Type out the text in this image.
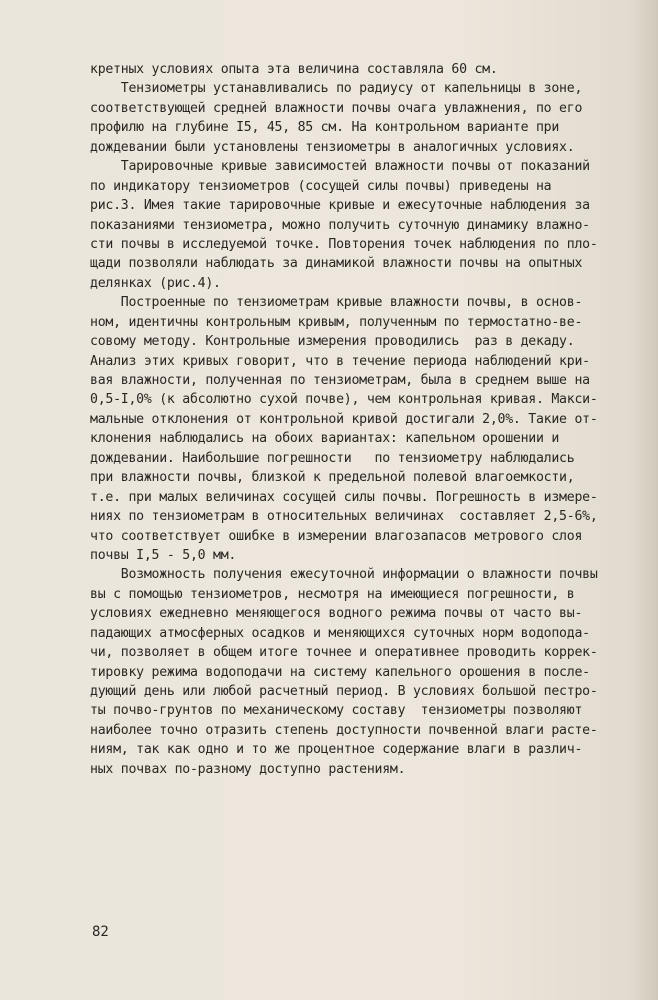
кретных условиях опыта эта величина составляла 60 см.
Тензиометры устанавливались по радиусу от капельницы в зоне,
соответствующей средней влажности почвы очага увлажнения, по его
профилю на глубине I5, 45, 85 см. На контрольном варианте при
дождевании были установлены тензиометры в аналогичных условиях.
Тарировочные кривые зависимостей влажности почвы от показаний
по индикатору тензиометров (сосущей силы почвы) приведены на
рис.3. Имея такие тарировочные кривые и ежесуточные наблюдения за
показаниями тензиометра, можно получить суточную динамику влажно-
сти почвы в исследуемой точке. Повторения точек наблюдения по пло-
щади позволяли наблюдать за динамикой влажности почвы на опытных
делянках (рис.4).
Построенные по тензиометрам кривые влажности почвы, в основ-
ном, идентичны контрольным кривым, полученным по термостатно-ве-
совому методу. Контрольные измерения проводились  раз в декаду.
Анализ этих кривых говорит, что в течение периода наблюдений кри-
вая влажности, полученная по тензиометрам, была в среднем выше на
0,5-I,0% (к абсолютно сухой почве), чем контрольная кривая. Макси-
мальные отклонения от контрольной кривой достигали 2,0%. Такие от-
клонения наблюдались на обоих вариантах: капельном орошении и
дождевании. Наибольшие погрешности   по тензиометру наблюдались
при влажности почвы, близкой к предельной полевой влагоемкости,
т.е. при малых величинах сосущей силы почвы. Погрешность в измере-
ниях по тензиометрам в относительных величинах  составляет 2,5-6%,
что соответствует ошибке в измерении влагозапасов метрового слоя
почвы I,5 - 5,0 мм.
Возможность получения ежесуточной информации о влажности почвы
вы с помощью тензиометров, несмотря на имеющиеся погрешности, в
условиях ежедневно меняющегося водного режима почвы от часто вы-
падающих атмосферных осадков и меняющихся суточных норм водопода-
чи, позволяет в общем итоге точнее и оперативнее проводить коррек-
тировку режима водоподачи на систему капельного орошения в после-
дующий день или любой расчетный период. В условиях большой пестро-
ты почво-грунтов по механическому составу  тензиометры позволяют
наиболее точно отразить степень доступности почвенной влаги расте-
ниям, так как одно и то же процентное содержание влаги в различ-
ных почвах по-разному доступно растениям.
82
